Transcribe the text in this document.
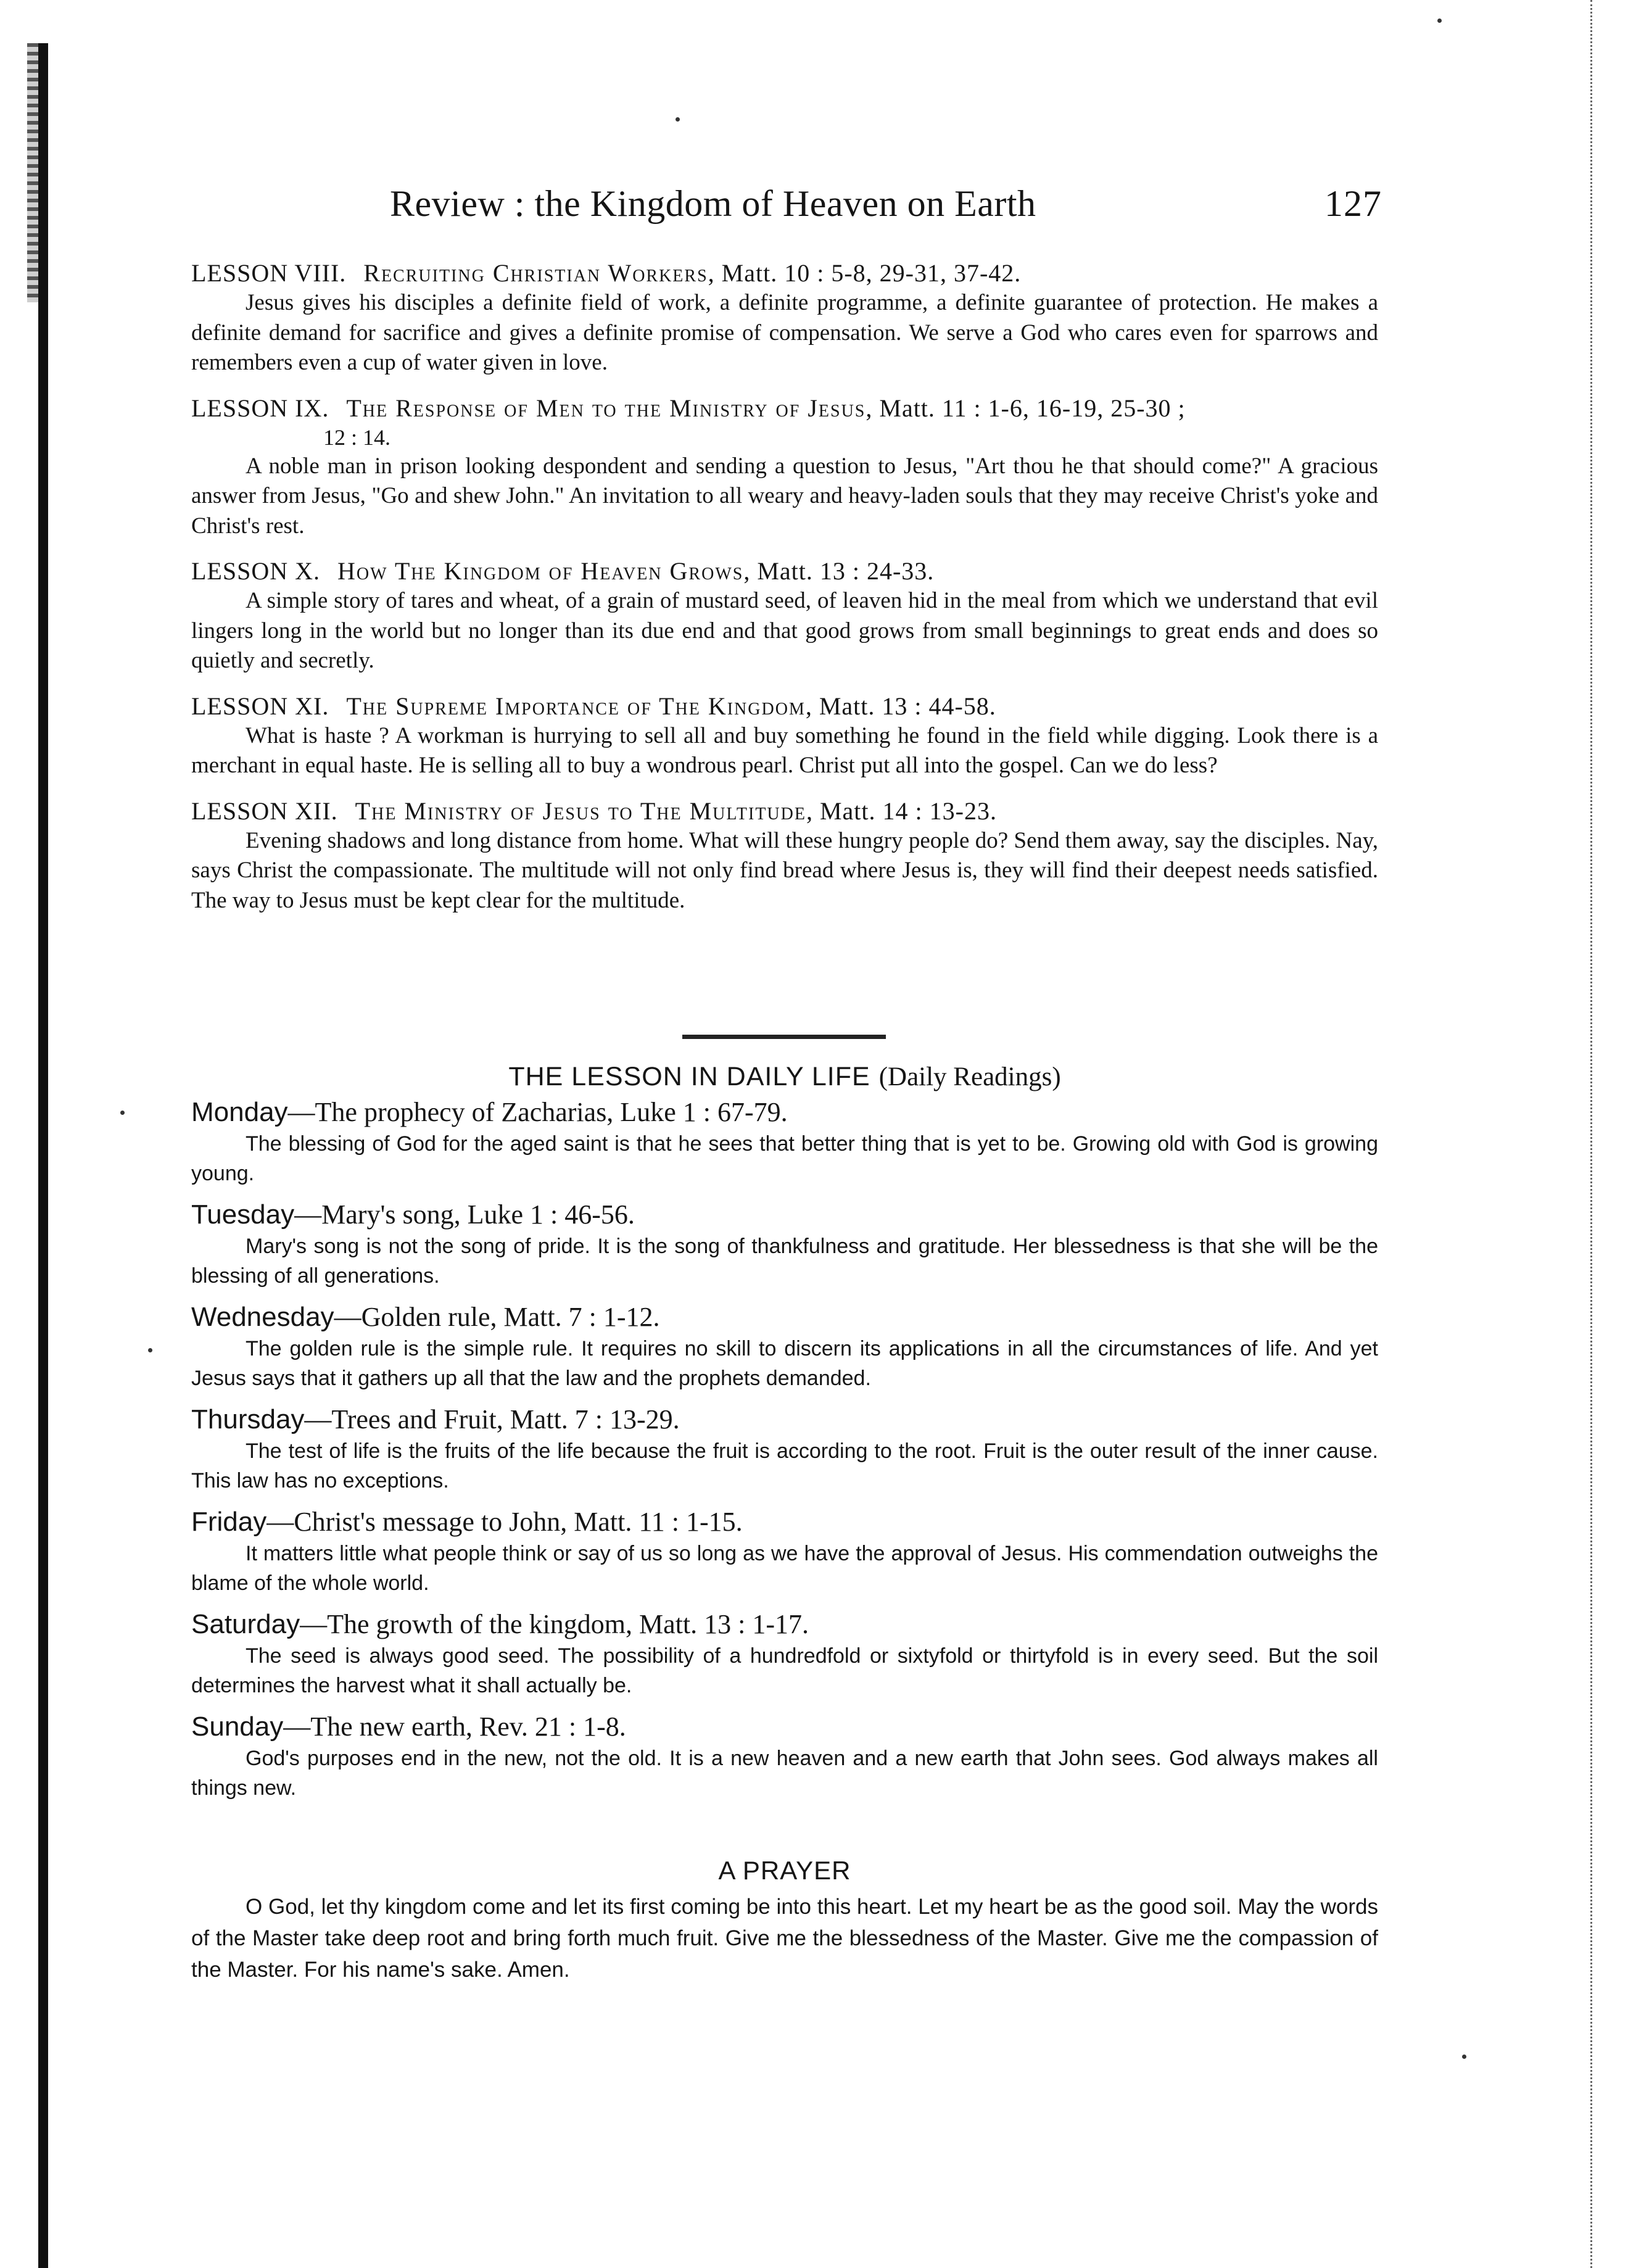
Review : the Kingdom of Heaven on Earth	127
LESSON VIII. Recruiting Christian Workers, Matt. 10 : 5-8, 29-31, 37-42.

Jesus gives his disciples a definite field of work, a definite programme, a definite guarantee of protection. He makes a definite demand for sacrifice and gives a definite promise of compensation. We serve a God who cares even for sparrows and remembers even a cup of water given in love.

LESSON IX. The Response of Men to the Ministry of Jesus, Matt. 11 : 1-6, 16-19, 25-30 ;
12 : 14.

A noble man in prison looking despondent and sending a question to Jesus, "Art thou he that should come?" A gracious answer from Jesus, "Go and shew John." An invitation to all weary and heavy-laden souls that they may receive Christ's yoke and Christ's rest.

LESSON X. How The Kingdom of Heaven Grows, Matt. 13 : 24-33.

A simple story of tares and wheat, of a grain of mustard seed, of leaven hid in the meal from which we understand that evil lingers long in the world but no longer than its due end and that good grows from small beginnings to great ends and does so quietly and secretly.

LESSON XI. The Supreme Importance of The Kingdom, Matt. 13 : 44-58.

What is haste ? A workman is hurrying to sell all and buy something he found in the field while digging. Look there is a merchant in equal haste. He is selling all to buy a wondrous pearl. Christ put all into the gospel. Can we do less?

LESSON XII. The Ministry of Jesus to The Multitude, Matt. 14 : 13-23.

Evening shadows and long distance from home. What will these hungry people do? Send them away, say the disciples. Nay, says Christ the compassionate. The multitude will not only find bread where Jesus is, they will find their deepest needs satisfied. The way to Jesus must be kept clear for the multitude.

THE LESSON IN DAILY LIFE (Daily Readings)
Monday—The prophecy of Zacharias, Luke 1 : 67-79.

The blessing of God for the aged saint is that he sees that better thing that is yet to be. Growing old with God is growing young.

Tuesday—Mary's song, Luke 1 : 46-56.

Mary's song is not the song of pride. It is the song of thankfulness and gratitude. Her blessedness is that she will be the blessing of all generations.

Wednesday—Golden rule, Matt. 7 : 1-12.

The golden rule is the simple rule. It requires no skill to discern its applications in all the circumstances of life. And yet Jesus says that it gathers up all that the law and the prophets demanded.

Thursday—Trees and Fruit, Matt. 7 : 13-29.

The test of life is the fruits of the life because the fruit is according to the root. Fruit is the outer result of the inner cause. This law has no exceptions.

Friday—Christ's message to John, Matt. 11 : 1-15.

It matters little what people think or say of us so long as we have the approval of Jesus. His commendation outweighs the blame of the whole world.

Saturday—The growth of the kingdom, Matt. 13 : 1-17.

The seed is always good seed. The possibility of a hundredfold or sixtyfold or thirtyfold is in every seed. But the soil determines the harvest what it shall actually be.

Sunday—The new earth, Rev. 21 : 1-8.

God's purposes end in the new, not the old. It is a new heaven and a new earth that John sees. God always makes all things new.

A PRAYER

O God, let thy kingdom come and let its first coming be into this heart. Let my heart be as the good soil. May the words of the Master take deep root and bring forth much fruit. Give me the blessedness of the Master. Give me the compassion of the Master. For his name's sake. Amen.
